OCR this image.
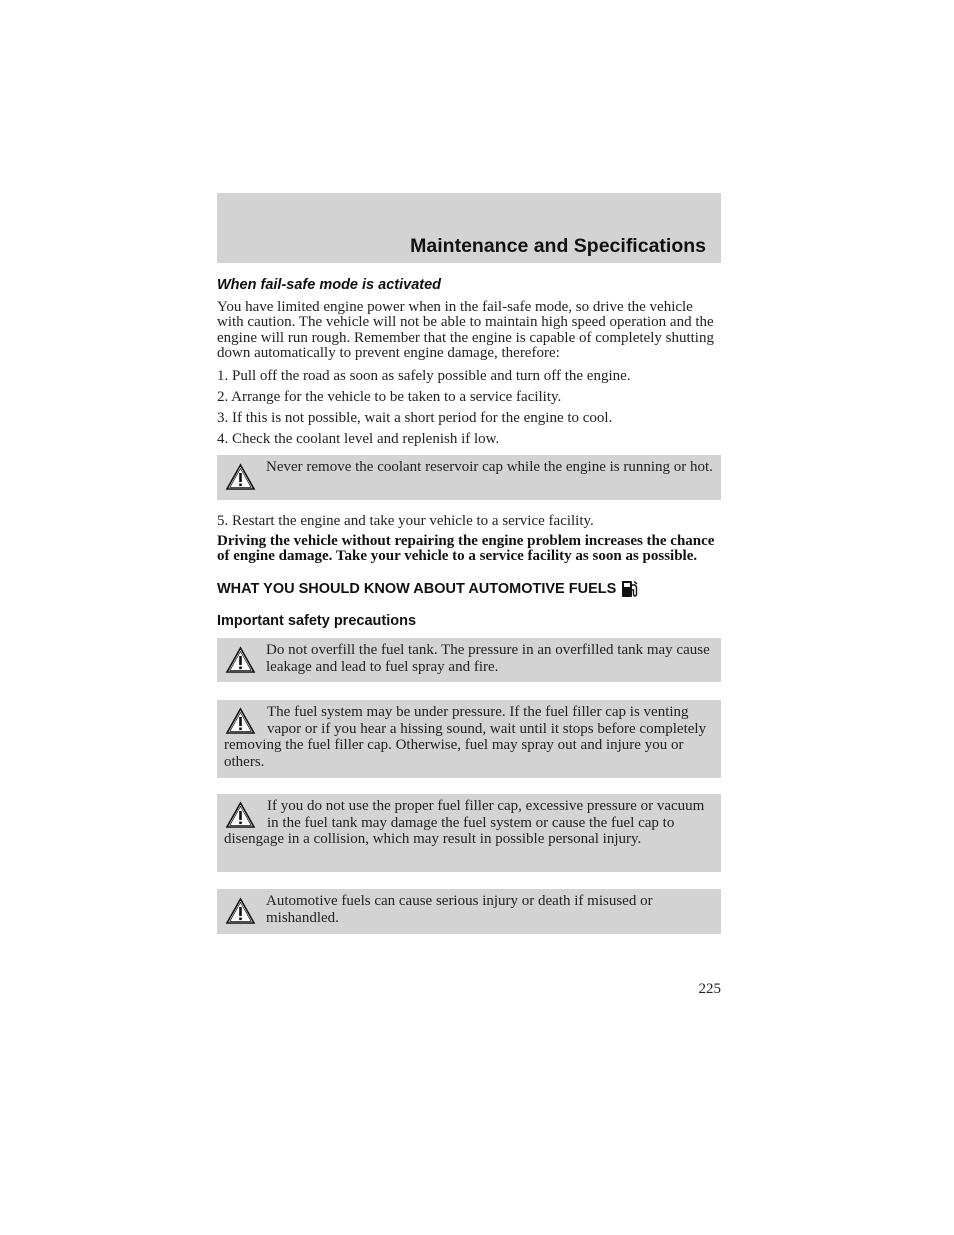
Maintenance and Specifications
When fail-safe mode is activated
You have limited engine power when in the fail-safe mode, so drive the vehicle with caution. The vehicle will not be able to maintain high speed operation and the engine will run rough. Remember that the engine is capable of completely shutting down automatically to prevent engine damage, therefore:
1. Pull off the road as soon as safely possible and turn off the engine.
2. Arrange for the vehicle to be taken to a service facility.
3. If this is not possible, wait a short period for the engine to cool.
4. Check the coolant level and replenish if low.
Never remove the coolant reservoir cap while the engine is running or hot.
5. Restart the engine and take your vehicle to a service facility.
Driving the vehicle without repairing the engine problem increases the chance of engine damage. Take your vehicle to a service facility as soon as possible.
WHAT YOU SHOULD KNOW ABOUT AUTOMOTIVE FUELS
Important safety precautions
Do not overfill the fuel tank. The pressure in an overfilled tank may cause leakage and lead to fuel spray and fire.
The fuel system may be under pressure. If the fuel filler cap is venting vapor or if you hear a hissing sound, wait until it stops before completely removing the fuel filler cap. Otherwise, fuel may spray out and injure you or others.
If you do not use the proper fuel filler cap, excessive pressure or vacuum in the fuel tank may damage the fuel system or cause the fuel cap to disengage in a collision, which may result in possible personal injury.
Automotive fuels can cause serious injury or death if misused or mishandled.
225
